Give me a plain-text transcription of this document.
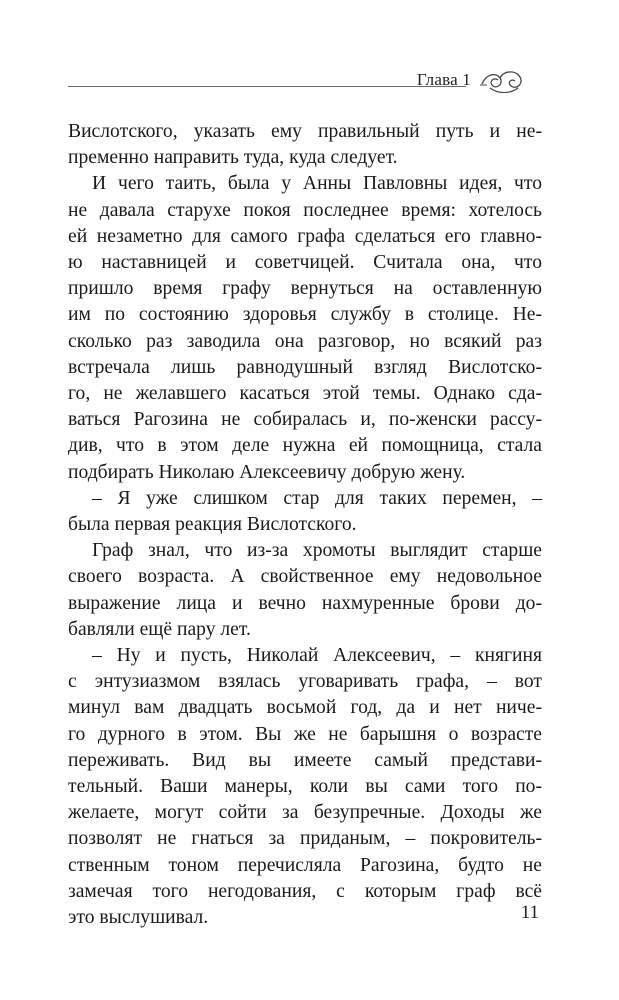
Глава 1
Вислотского, указать ему правильный путь и не-
пременно направить туда, куда следует.
И чего таить, была у Анны Павловны идея, что
не давала старухе покоя последнее время: хотелось
ей незаметно для самого графа сделаться его главно-
ю наставницей и советчицей. Считала она, что
пришло время графу вернуться на оставленную
им по состоянию здоровья службу в столице. Не-
сколько раз заводила она разговор, но всякий раз
встречала лишь равнодушный взгляд Вислотско-
го, не желавшего касаться этой темы. Однако сда-
ваться Рагозина не собиралась и, по-женски рассу-
див, что в этом деле нужна ей помощница, стала
подбирать Николаю Алексеевичу добрую жену.
– Я уже слишком стар для таких перемен, –
была первая реакция Вислотского.
Граф знал, что из-за хромоты выглядит старше
своего возраста. А свойственное ему недовольное
выражение лица и вечно нахмуренные брови до-
бавляли ещё пару лет.
– Ну и пусть, Николай Алексеевич, – княгиня
с энтузиазмом взялась уговаривать графа, – вот
минул вам двадцать восьмой год, да и нет ниче-
го дурного в этом. Вы же не барышня о возрасте
переживать. Вид вы имеете самый представи-
тельный. Ваши манеры, коли вы сами того по-
желаете, могут сойти за безупречные. Доходы же
позволят не гнаться за приданым, – покровитель-
ственным тоном перечисляла Рагозина, будто не
замечая того негодования, с которым граф всё
это выслушивал.	11
